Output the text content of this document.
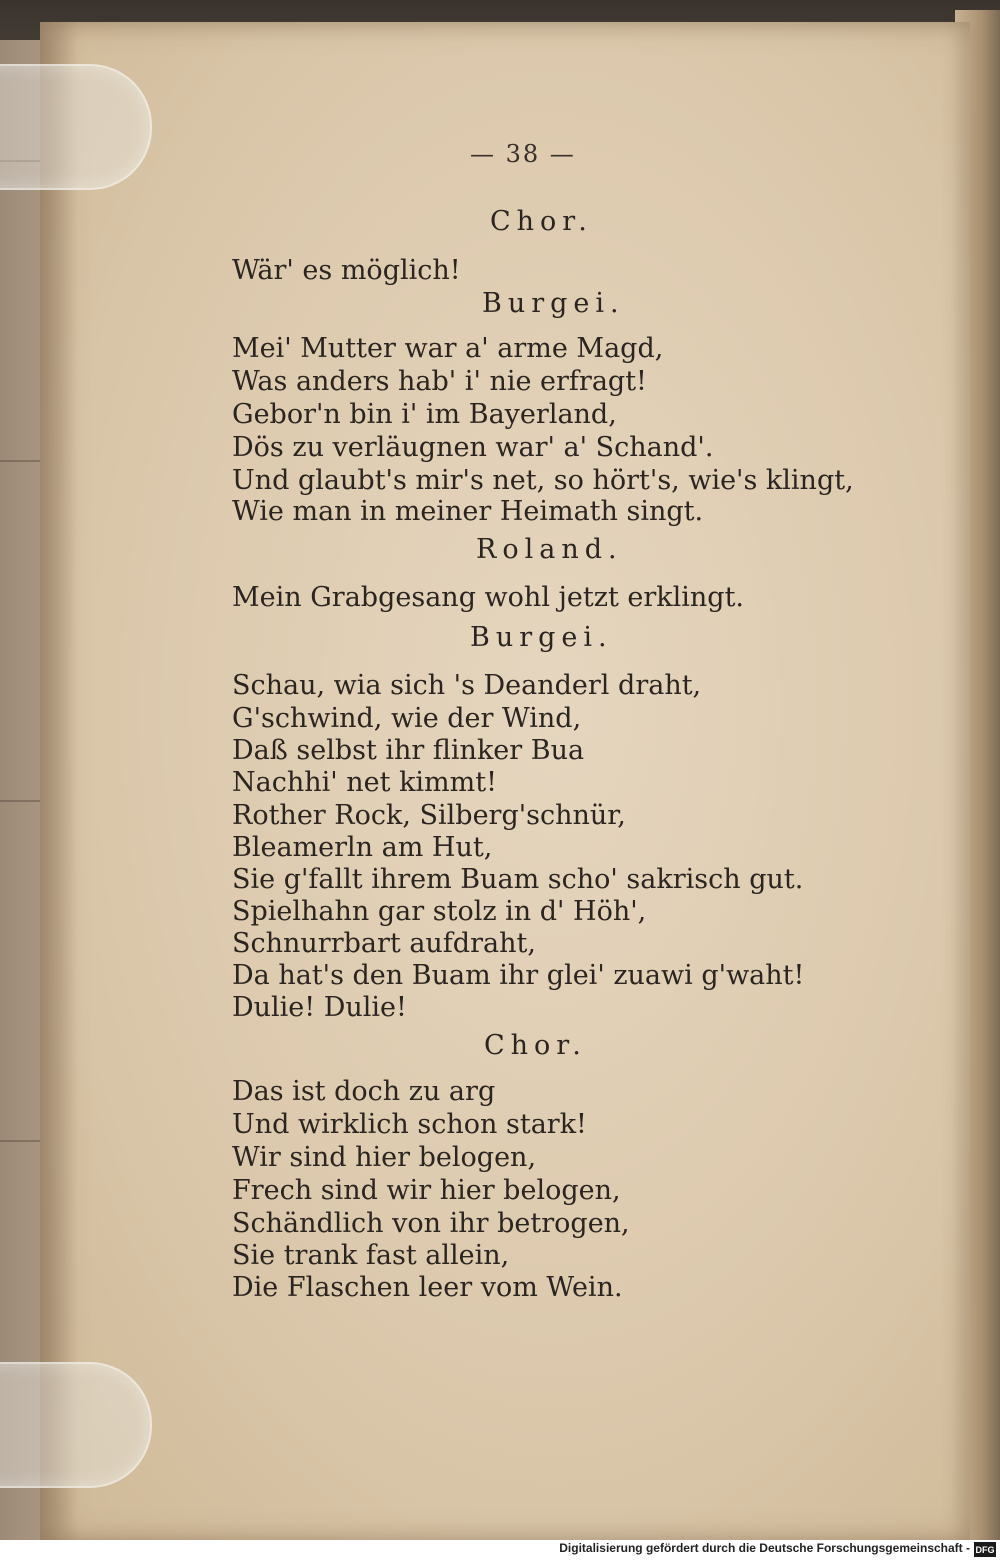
— 38 —
Chor.
Wär' es möglich!
Burgei.
Mei' Mutter war a' arme Magd,
Was anders hab' i' nie erfragt!
Gebor'n bin i' im Bayerland,
Dös zu verläugnen war' a' Schand'.
Und glaubt's mir's net, so hört's, wie's klingt,
Wie man in meiner Heimath singt.
Roland.
Mein Grabgesang wohl jetzt erklingt.
Burgei.
Schau, wia sich 's Deanderl draht,
G'schwind, wie der Wind,
Daß selbst ihr flinker Bua
Nachhi' net kimmt!
Rother Rock, Silberg'schnür,
Bleamerln am Hut,
Sie g'fallt ihrem Buam scho' sakrisch gut.
Spielhahn gar stolz in d' Höh',
Schnurrbart aufdraht,
Da hat's den Buam ihr glei' zuawi g'waht!
Dulie! Dulie!
Chor.
Das ist doch zu arg
Und wirklich schon stark!
Wir sind hier belogen,
Frech sind wir hier belogen,
Schändlich von ihr betrogen,
Sie trank fast allein,
Die Flaschen leer vom Wein.
Digitalisierung gefördert durch die Deutsche Forschungsgemeinschaft - DFG
